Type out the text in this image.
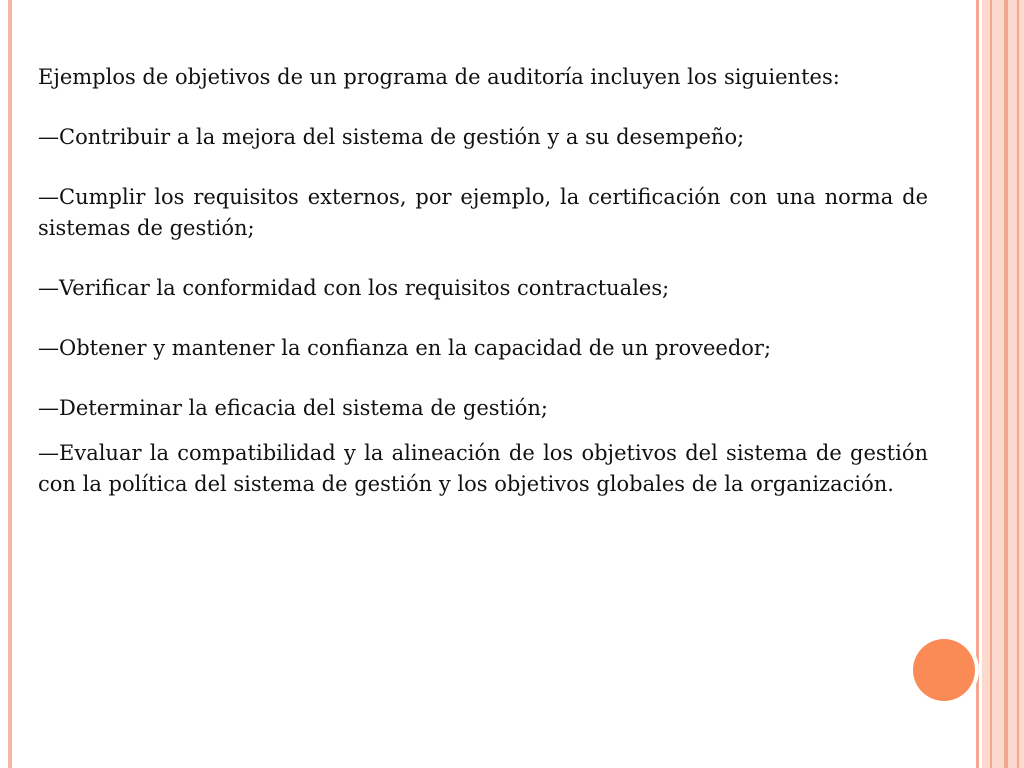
Ejemplos de objetivos de un programa de auditoría incluyen los siguientes:

—Contribuir a la mejora del sistema de gestión y a su desempeño;

—Cumplir los requisitos externos, por ejemplo, la certificación con una norma de sistemas de gestión;

—Verificar la conformidad con los requisitos contractuales;

—Obtener y mantener la confianza en la capacidad de un proveedor;

—Determinar la eficacia del sistema de gestión;

—Evaluar la compatibilidad y la alineación de los objetivos del sistema de gestión con la política del sistema de gestión y los objetivos globales de la organización.
